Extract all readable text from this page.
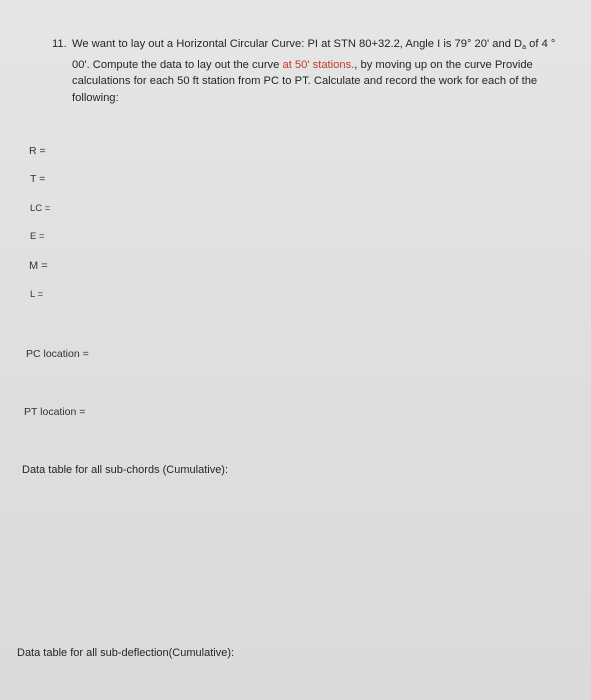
11. We want to lay out a Horizontal Circular Curve: PI at STN 80+32.2, Angle I is 79° 20' and $D_a$ of 4 ° 00'. Compute the data to lay out the curve at 50' stations., by moving up on the curve Provide calculations for each 50 ft station from PC to PT. Calculate and record the work for each of the following:
R =
T =
LC =
E =
M =
L =
PC location =
PT location =
Data table for all sub-chords (Cumulative):
Data table for all sub-deflection(Cumulative):
